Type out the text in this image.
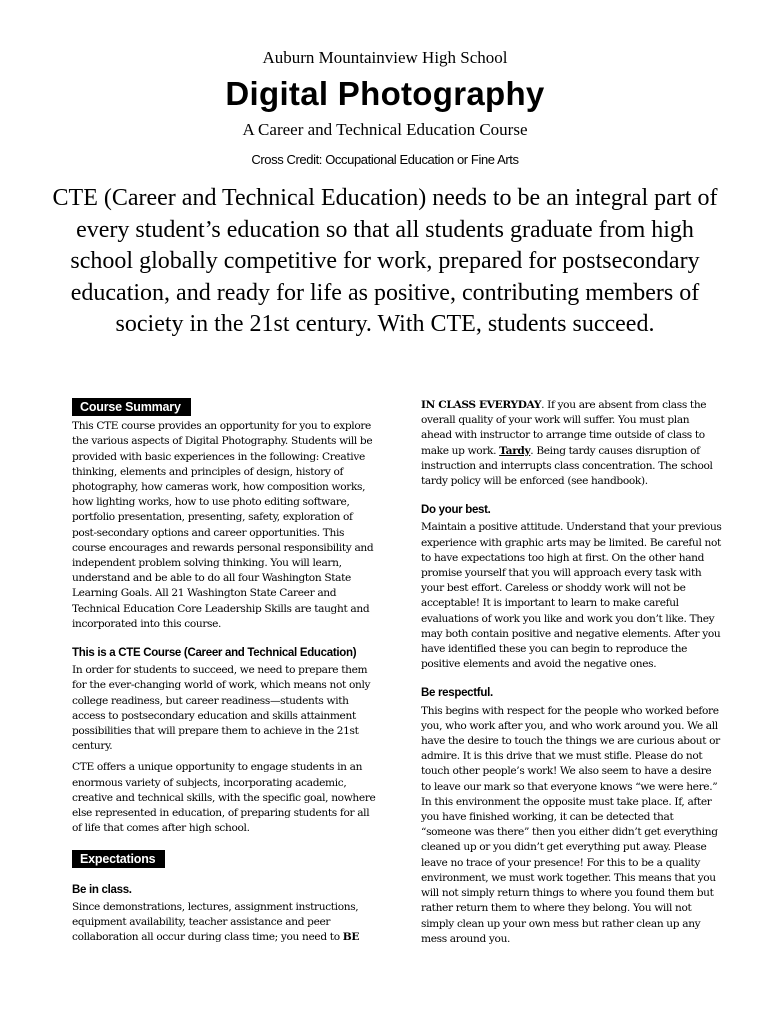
Auburn Mountainview High School
Digital Photography
A Career and Technical Education Course
Cross Credit: Occupational Education or Fine Arts
CTE (Career and Technical Education) needs to be an integral part of every student’s education so that all students graduate from high school globally competitive for work, prepared for postsecondary education, and ready for life as positive, contributing members of society in the 21st century. With CTE, students succeed.
Course Summary

This CTE course provides an opportunity for you to explore the various aspects of Digital Photography. Students will be provided with basic experiences in the following: Creative thinking, elements and principles of design, history of photography, how cameras work, how composition works, how lighting works, how to use photo editing software, portfolio presentation, presenting, safety, exploration of post-secondary options and career opportunities. This course encourages and rewards personal responsibility and independent problem solving thinking. You will learn, understand and be able to do all four Washington State Learning Goals. All 21 Washington State Career and Technical Education Core Leadership Skills are taught and incorporated into this course.

This is a CTE Course (Career and Technical Education)

In order for students to succeed, we need to prepare them for the ever-changing world of work, which means not only college readiness, but career readiness—students with access to postsecondary education and skills attainment possibilities that will prepare them to achieve in the 21st century.

CTE offers a unique opportunity to engage students in an enormous variety of subjects, incorporating academic, creative and technical skills, with the specific goal, nowhere else represented in education, of preparing students for all of life that comes after high school.

Expectations

Be in class.

Since demonstrations, lectures, assignment instructions, equipment availability, teacher assistance and peer collaboration all occur during class time; you need to BE

IN CLASS EVERYDAY. If you are absent from class the overall quality of your work will suffer. You must plan ahead with instructor to arrange time outside of class to make up work. Tardy. Being tardy causes disruption of instruction and interrupts class concentration. The school tardy policy will be enforced (see handbook).

Do your best.

Maintain a positive attitude. Understand that your previous experience with graphic arts may be limited. Be careful not to have expectations too high at first. On the other hand promise yourself that you will approach every task with your best effort. Careless or shoddy work will not be acceptable! It is important to learn to make careful evaluations of work you like and work you don’t like. They may both contain positive and negative elements. After you have identified these you can begin to reproduce the positive elements and avoid the negative ones.

Be respectful.

This begins with respect for the people who worked before you, who work after you, and who work around you. We all have the desire to touch the things we are curious about or admire. It is this drive that we must stifle. Please do not touch other people’s work! We also seem to have a desire to leave our mark so that everyone knows “we were here.” In this environment the opposite must take place. If, after you have finished working, it can be detected that “someone was there” then you either didn’t get everything cleaned up or you didn’t get everything put away. Please leave no trace of your presence! For this to be a quality environment, we must work together. This means that you will not simply return things to where you found them but rather return them to where they belong. You will not simply clean up your own mess but rather clean up any mess around you.
